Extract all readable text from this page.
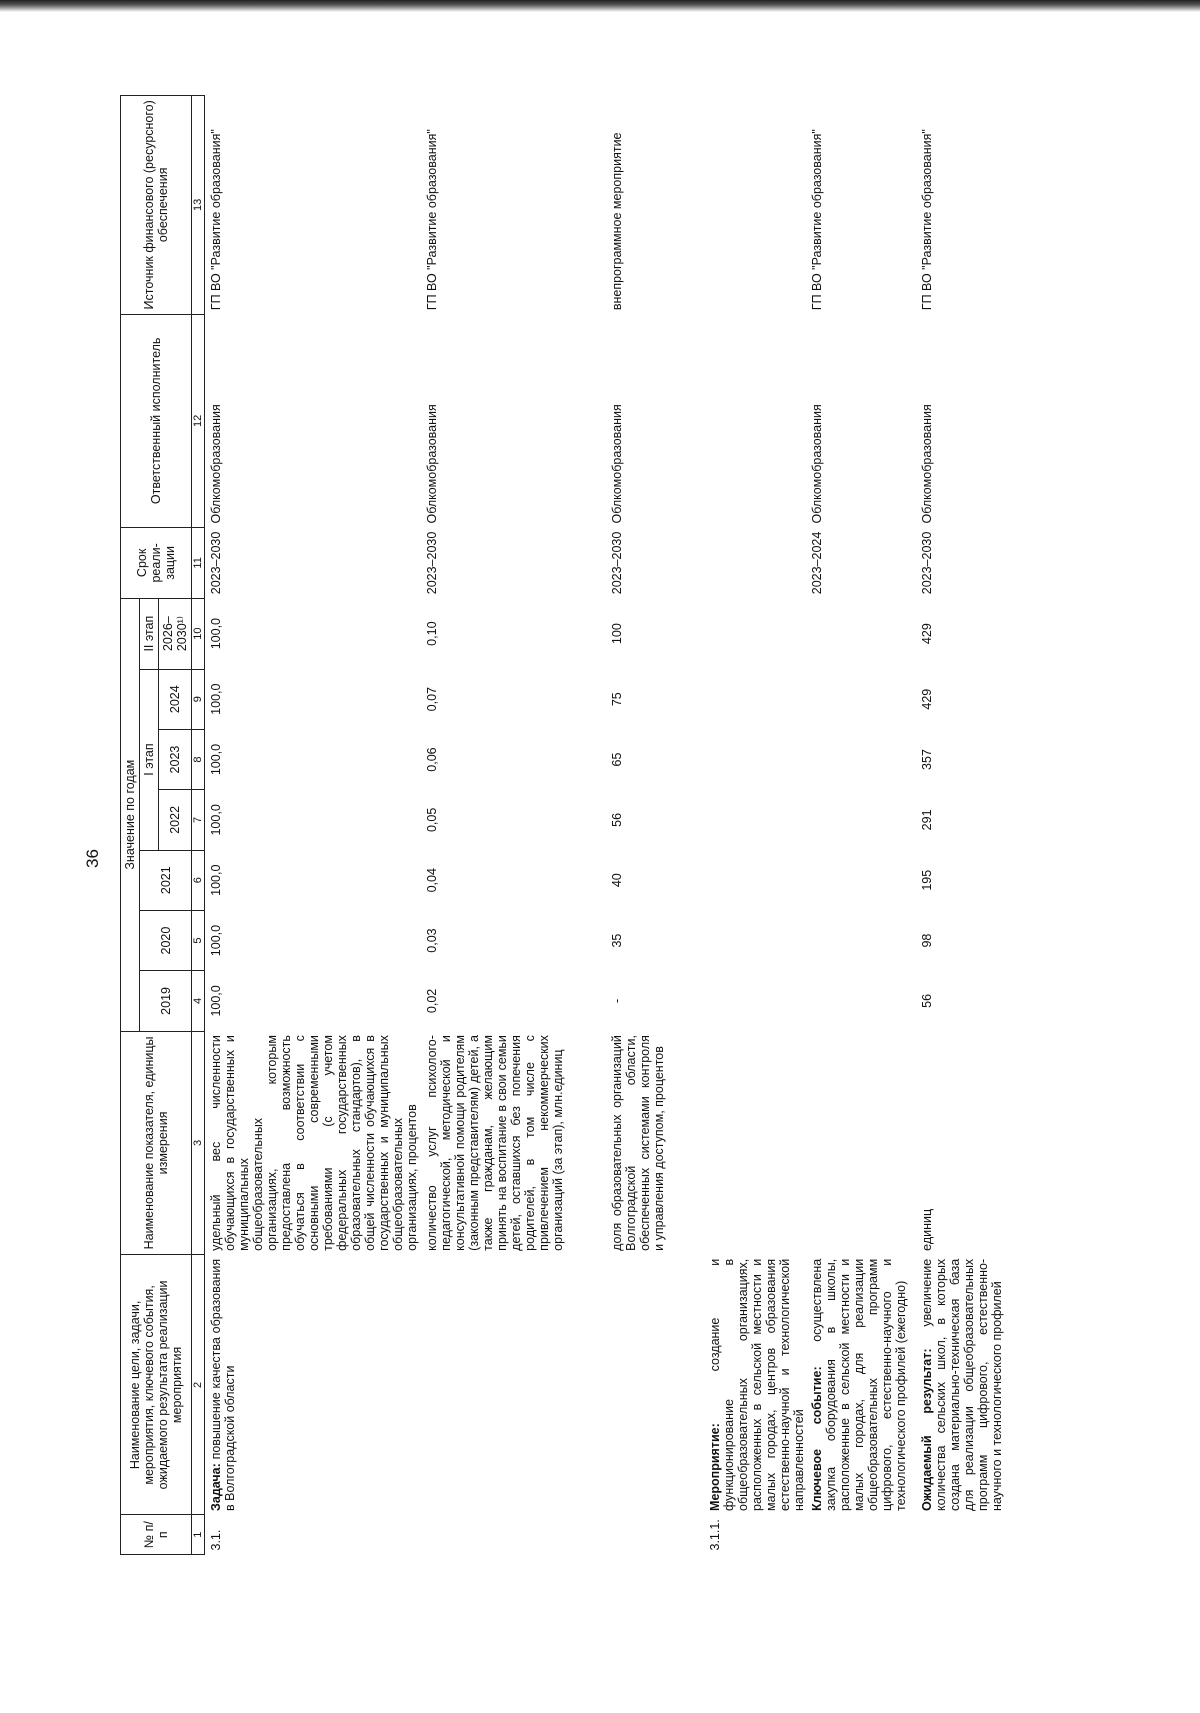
36
№ п/п	Наименование цели, задачи, мероприятия, ключевого события, ожидаемого результата реализации мероприятия	Наименование показателя, единицы измерения	Значение по годам							Срок реали-зации	Ответственный исполнитель	Источник финансового (ресурсного) обеспечения
			2019	2020	2021	I этап			II этап			
						2022	2023	2024	2026–2030¹⁾			

1	2	3	4	5	6	7	8	9	10	11	12	13
3.1.	Задача: повышение качества образования в Волгоградской области	удельный вес численности обучающихся в государственных и муниципальных общеобразовательных организациях, которым предоставлена возможность обучаться в соответствии с основными современными требованиями (с учетом федеральных государственных образовательных стандартов), в общей численности обучающихся в государственных и муниципальных общеобразовательных организациях, процентов	100,0	100,0	100,0	100,0	100,0	100,0	100,0	2023–2030	Облкомобразования	ГП ВО "Развитие образования"
		количество услуг психолого-педагогической, методической и консультативной помощи родителям (законным представителям) детей, а также гражданам, желающим принять на воспитание в свои семьи детей, оставшихся без попечения родителей, в том числе с привлечением некоммерческих организаций (за этап), млн.единиц	0,02	0,03	0,04	0,05	0,06	0,07	0,10	2023–2030	Облкомобразования	ГП ВО "Развитие образования"
		доля образовательных организаций Волгоградской области, обеспеченных системами контроля и управления доступом, процентов	-	35	40	56	65	75	100	2023–2030	Облкомобразования	внепрограммное мероприятие
3.1.1.	Мероприятие: создание и функционирование в общеобразовательных организациях, расположенных в сельской местности и малых городах, центров образования естественно-научной и технологической направленностей											
	Ключевое событие: осуществлена закупка оборудования в школы, расположенные в сельской местности и малых городах, для реализации общеобразовательных программ цифрового, естественно-научного и технологического профилей (ежегодно)									2023–2024	Облкомобразования	ГП ВО "Развитие образования"
	Ожидаемый результат: увеличение количества сельских школ, в которых создана материально-техническая база для реализации общеобразовательных программ цифрового, естественно-научного и технологического профилей	единиц	56	98	195	291	357	429	429	2023–2030	Облкомобразования	ГП ВО "Развитие образования"
